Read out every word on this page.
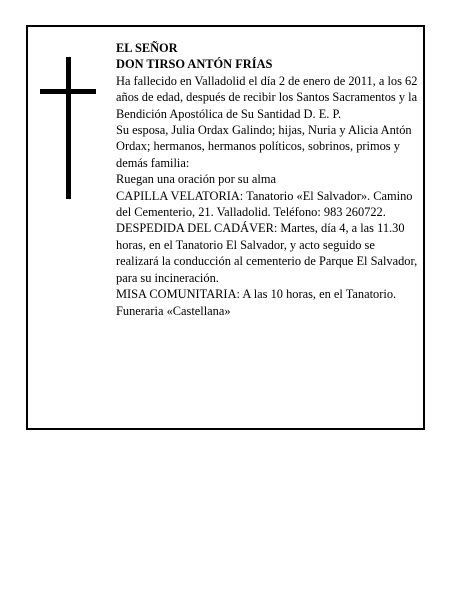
EL SEÑOR

DON TIRSO ANTÓN FRÍAS

Ha fallecido en Valladolid el día 2 de enero de 2011, a los 62 años de edad, después de recibir los Santos Sacramentos y la Bendición Apostólica de Su Santidad D. E. P.

Su esposa, Julia Ordax Galindo; hijas, Nuria y Alicia Antón Ordax; hermanos, hermanos políticos, sobrinos, primos y demás familia:

Ruegan una oración por su alma

CAPILLA VELATORIA: Tanatorio «El Salvador». Camino del Cementerio, 21. Valladolid. Teléfono: 983 260722.

DESPEDIDA DEL CADÁVER: Martes, día 4, a las 11.30 horas, en el Tanatorio El Salvador, y acto seguido se realizará la conducción al cementerio de Parque El Salvador, para su incineración.

MISA COMUNITARIA: A las 10 horas, en el Tanatorio.

Funeraria «Castellana»
